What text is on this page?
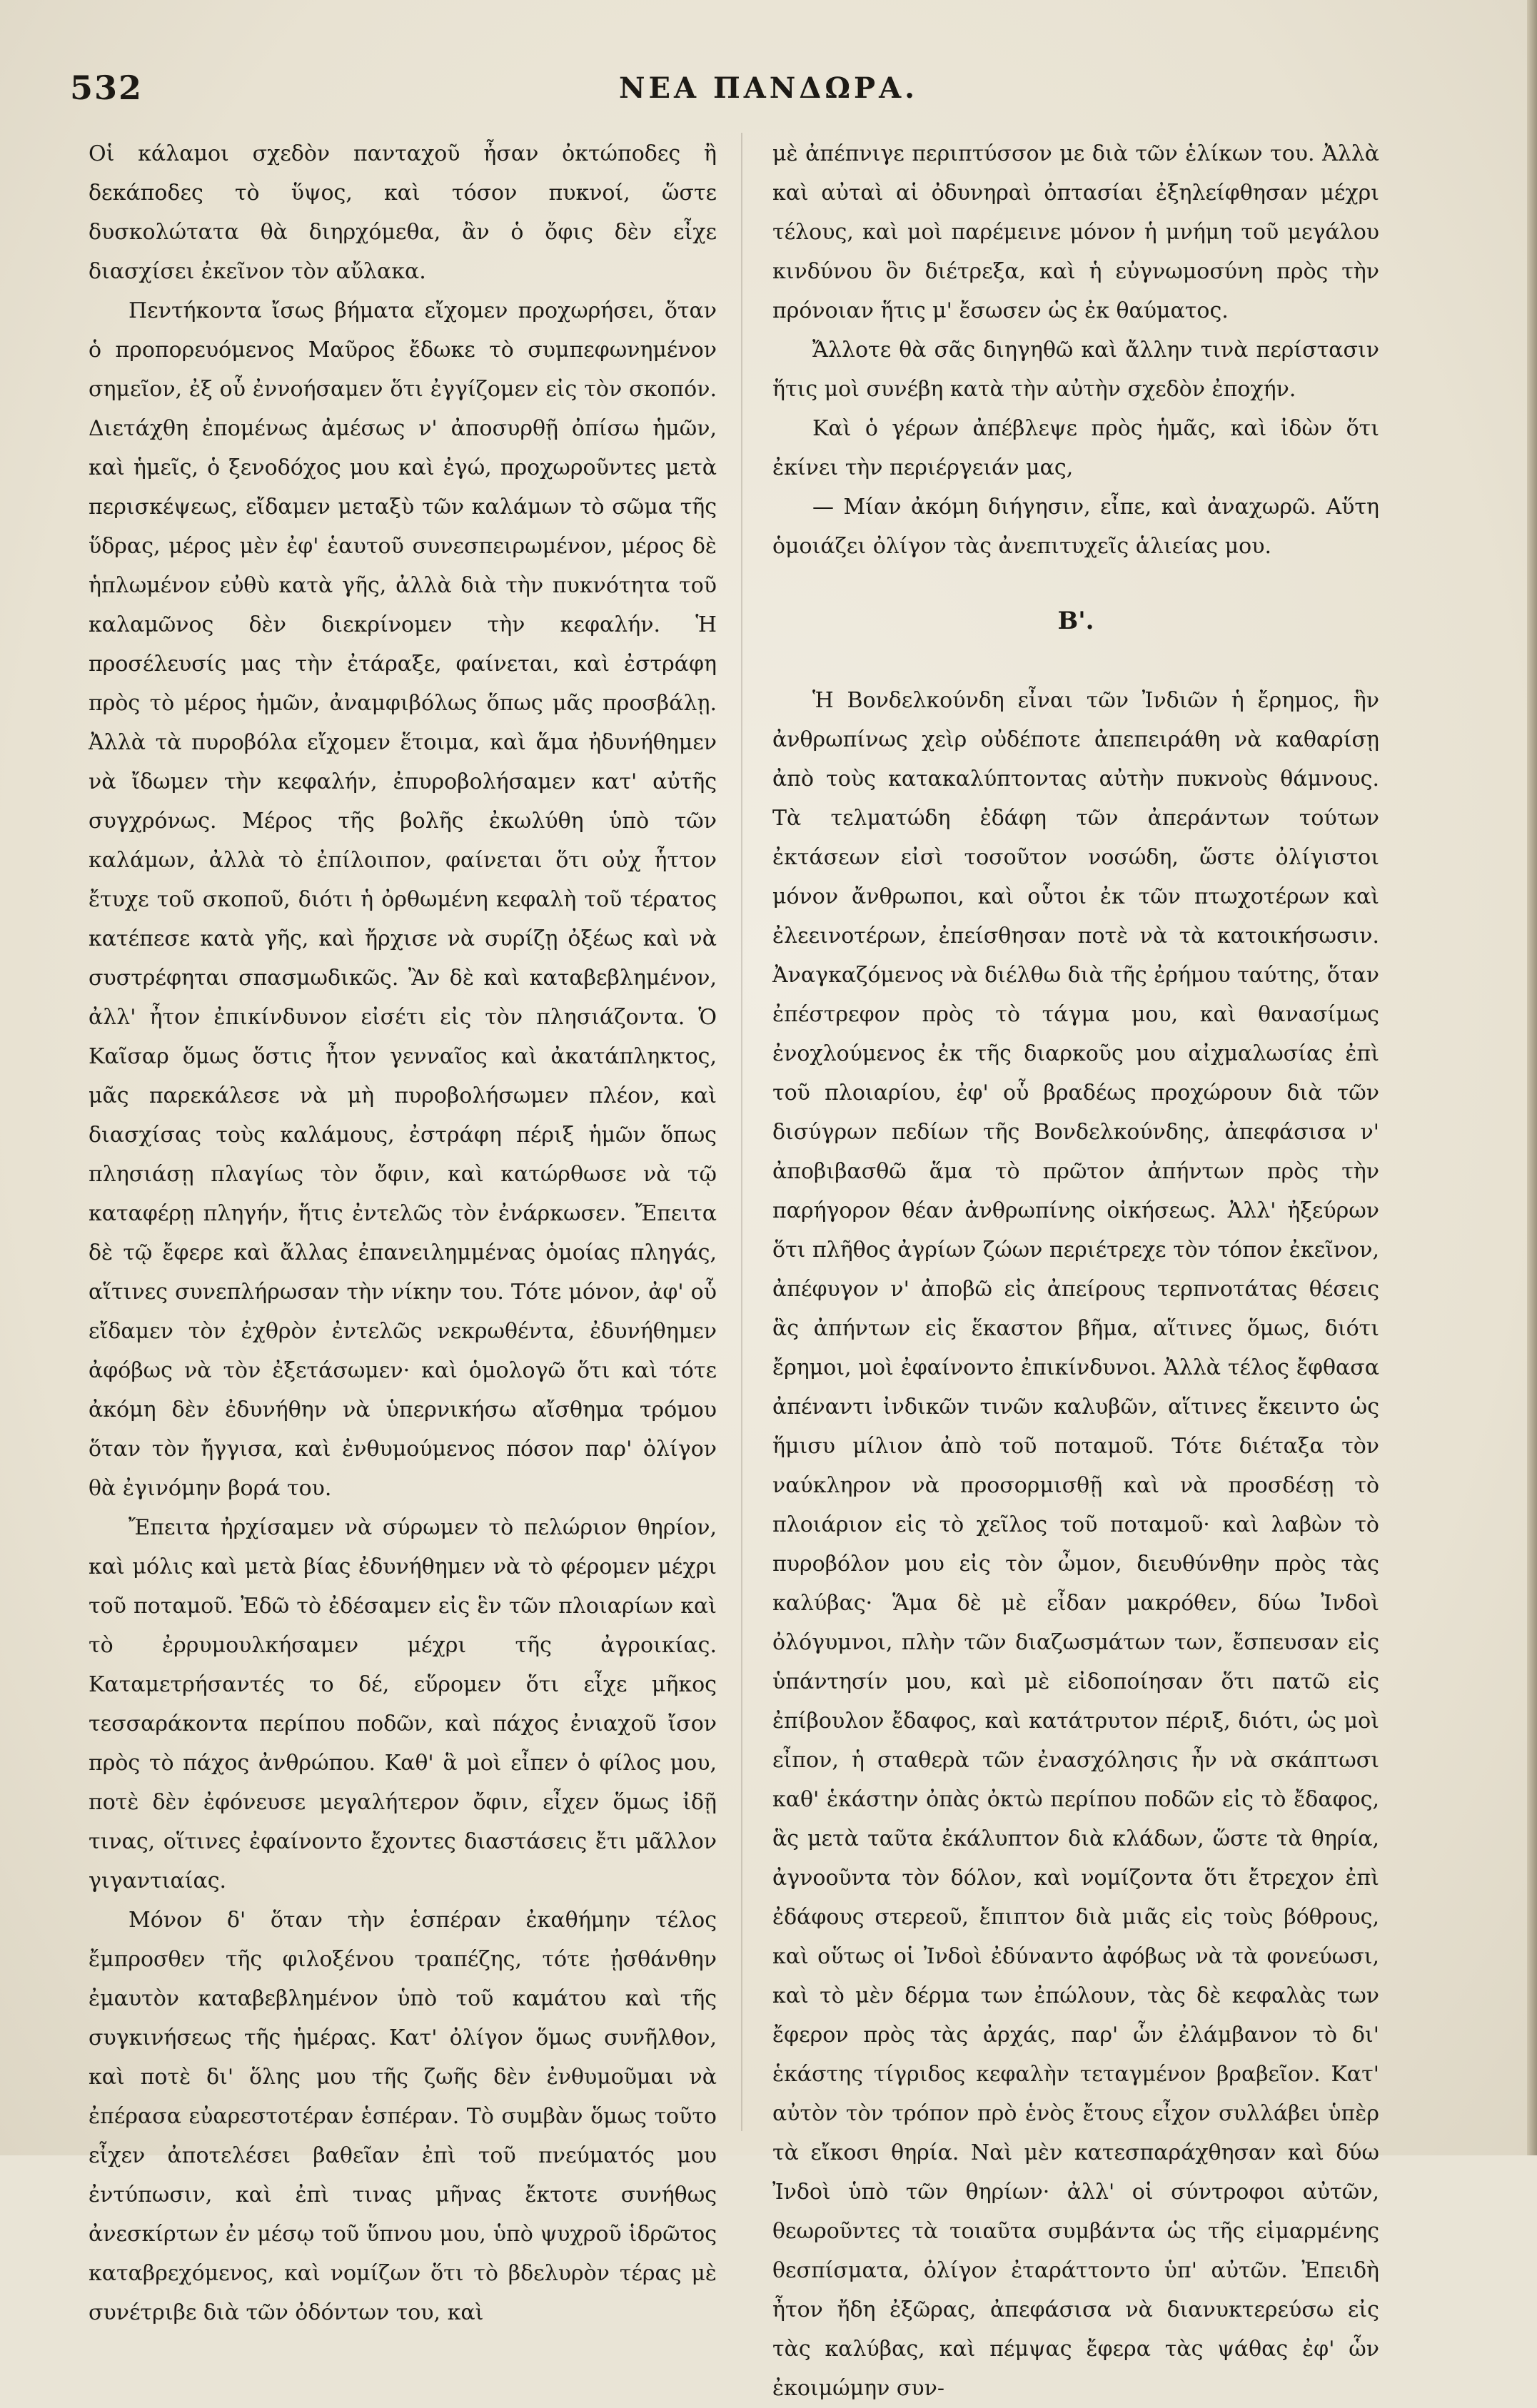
532	ΝΕΑ ΠΑΝΔΩΡΑ.

Οἱ κάλαμοι σχεδὸν πανταχοῦ ἦσαν ὀκτώποδες ἢ δεκάποδες τὸ ὕψος, καὶ τόσον πυκνοί, ὥστε δυσκολώτατα θὰ διηρχόμεθα, ἂν ὁ ὄφις δὲν εἶχε διασχίσει ἐκεῖνον τὸν αὔλακα.

Πεντήκοντα ἴσως βήματα εἴχομεν προχωρήσει, ὅταν ὁ προπορευόμενος Μαῦρος ἔδωκε τὸ συμπεφωνημένον σημεῖον, ἐξ οὗ ἐννοήσαμεν ὅτι ἐγγίζομεν εἰς τὸν σκοπόν. Διετάχθη ἐπομένως ἀμέσως ν' ἀποσυρθῇ ὀπίσω ἡμῶν, καὶ ἡμεῖς, ὁ ξενοδόχος μου καὶ ἐγώ, προχωροῦντες μετὰ περισκέψεως, εἴδαμεν μεταξὺ τῶν καλάμων τὸ σῶμα τῆς ὕδρας, μέρος μὲν ἐφ' ἑαυτοῦ συνεσπειρωμένον, μέρος δὲ ἡπλωμένον εὐθὺ κατὰ γῆς, ἀλλὰ διὰ τὴν πυκνότητα τοῦ καλαμῶνος δὲν διεκρίνομεν τὴν κεφαλήν. Ἡ προσέλευσίς μας τὴν ἐτάραξε, φαίνεται, καὶ ἐστράφη πρὸς τὸ μέρος ἡμῶν, ἀναμφιβόλως ὅπως μᾶς προσβάλῃ. Ἀλλὰ τὰ πυροβόλα εἴχομεν ἕτοιμα, καὶ ἅμα ἠδυνήθημεν νὰ ἴδωμεν τὴν κεφαλήν, ἐπυροβολήσαμεν κατ' αὐτῆς συγχρόνως. Μέρος τῆς βολῆς ἐκωλύθη ὑπὸ τῶν καλάμων, ἀλλὰ τὸ ἐπίλοιπον, φαίνεται ὅτι οὐχ ἧττον ἔτυχε τοῦ σκοποῦ, διότι ἡ ὀρθωμένη κεφαλὴ τοῦ τέρατος κατέπεσε κατὰ γῆς, καὶ ἤρχισε νὰ συρίζῃ ὀξέως καὶ νὰ συστρέφηται σπασμωδικῶς. Ἂν δὲ καὶ καταβεβλημένον, ἀλλ' ἦτον ἐπικίνδυνον εἰσέτι εἰς τὸν πλησιάζοντα. Ὁ Καῖσαρ ὅμως ὅστις ἦτον γενναῖος καὶ ἀκατάπληκτος, μᾶς παρεκάλεσε νὰ μὴ πυροβολήσωμεν πλέον, καὶ διασχίσας τοὺς καλάμους, ἐστράφη πέριξ ἡμῶν ὅπως πλησιάσῃ πλαγίως τὸν ὄφιν, καὶ κατώρθωσε νὰ τῷ καταφέρῃ πληγήν, ἥτις ἐντελῶς τὸν ἐνάρκωσεν. Ἔπειτα δὲ τῷ ἔφερε καὶ ἄλλας ἐπανειλημμένας ὁμοίας πληγάς, αἵτινες συνεπλήρωσαν τὴν νίκην του. Τότε μόνον, ἀφ' οὗ εἴδαμεν τὸν ἐχθρὸν ἐντελῶς νεκρωθέντα, ἐδυνήθημεν ἀφόβως νὰ τὸν ἐξετάσωμεν· καὶ ὁμολογῶ ὅτι καὶ τότε ἀκόμη δὲν ἐδυνήθην νὰ ὑπερνικήσω αἴσθημα τρόμου ὅταν τὸν ἤγγισα, καὶ ἐνθυμούμενος πόσον παρ' ὀλίγον θὰ ἐγινόμην βορά του.

Ἔπειτα ἠρχίσαμεν νὰ σύρωμεν τὸ πελώριον θηρίον, καὶ μόλις καὶ μετὰ βίας ἐδυνήθημεν νὰ τὸ φέρομεν μέχρι τοῦ ποταμοῦ. Ἐδῶ τὸ ἐδέσαμεν εἰς ἓν τῶν πλοιαρίων καὶ τὸ ἐρρυμουλκήσαμεν μέχρι τῆς ἀγροικίας. Καταμετρήσαντές το δέ, εὕρομεν ὅτι εἶχε μῆκος τεσσαράκοντα περίπου ποδῶν, καὶ πάχος ἐνιαχοῦ ἴσον πρὸς τὸ πάχος ἀνθρώπου. Καθ' ἃ μοὶ εἶπεν ὁ φίλος μου, ποτὲ δὲν ἐφόνευσε μεγαλήτερον ὄφιν, εἶχεν ὅμως ἰδῇ τινας, οἵτινες ἐφαίνοντο ἔχοντες διαστάσεις ἔτι μᾶλλον γιγαντιαίας.

Μόνον δ' ὅταν τὴν ἑσπέραν ἐκαθήμην τέλος ἔμπροσθεν τῆς φιλοξένου τραπέζης, τότε ᾐσθάνθην ἐμαυτὸν καταβεβλημένον ὑπὸ τοῦ καμάτου καὶ τῆς συγκινήσεως τῆς ἡμέρας. Κατ' ὀλίγον ὅμως συνῆλθον, καὶ ποτὲ δι' ὅλης μου τῆς ζωῆς δὲν ἐνθυμοῦμαι νὰ ἐπέρασα εὐαρεστοτέραν ἑσπέραν. Τὸ συμβὰν ὅμως τοῦτο εἶχεν ἀποτελέσει βαθεῖαν ἐπὶ τοῦ πνεύματός μου ἐντύπωσιν, καὶ ἐπὶ τινας μῆνας ἔκτοτε συνήθως ἀνεσκίρτων ἐν μέσῳ τοῦ ὕπνου μου, ὑπὸ ψυχροῦ ἱδρῶτος καταβρεχόμενος, καὶ νομίζων ὅτι τὸ βδελυρὸν τέρας μὲ συνέτριβε διὰ τῶν ὀδόντων του, καὶ

μὲ ἀπέπνιγε περιπτύσσον με διὰ τῶν ἑλίκων του. Ἀλλὰ καὶ αὐταὶ αἱ ὀδυνηραὶ ὀπτασίαι ἐξηλείφθησαν μέχρι τέλους, καὶ μοὶ παρέμεινε μόνον ἡ μνήμη τοῦ μεγάλου κινδύνου ὃν διέτρεξα, καὶ ἡ εὐγνωμοσύνη πρὸς τὴν πρόνοιαν ἥτις μ' ἔσωσεν ὡς ἐκ θαύματος.

Ἄλλοτε θὰ σᾶς διηγηθῶ καὶ ἄλλην τινὰ περίστασιν ἥτις μοὶ συνέβη κατὰ τὴν αὐτὴν σχεδὸν ἐποχήν.

Καὶ ὁ γέρων ἀπέβλεψε πρὸς ἡμᾶς, καὶ ἰδὼν ὅτι ἐκίνει τὴν περιέργειάν μας,

— Μίαν ἀκόμη διήγησιν, εἶπε, καὶ ἀναχωρῶ. Αὕτη ὁμοιάζει ὀλίγον τὰς ἀνεπιτυχεῖς ἁλιείας μου.

Β'.

Ἡ Βονδελκούνδη εἶναι τῶν Ἰνδιῶν ἡ ἔρημος, ἣν ἀνθρωπίνως χεὶρ οὐδέποτε ἀπεπειράθη νὰ καθαρίσῃ ἀπὸ τοὺς κατακαλύπτοντας αὐτὴν πυκνοὺς θάμνους. Τὰ τελματώδη ἐδάφη τῶν ἀπεράντων τούτων ἐκτάσεων εἰσὶ τοσοῦτον νοσώδη, ὥστε ὀλίγιστοι μόνον ἄνθρωποι, καὶ οὗτοι ἐκ τῶν πτωχοτέρων καὶ ἐλεεινοτέρων, ἐπείσθησαν ποτὲ νὰ τὰ κατοικήσωσιν. Ἀναγκαζόμενος νὰ διέλθω διὰ τῆς ἐρήμου ταύτης, ὅταν ἐπέστρεφον πρὸς τὸ τάγμα μου, καὶ θανασίμως ἐνοχλούμενος ἐκ τῆς διαρκοῦς μου αἰχμαλωσίας ἐπὶ τοῦ πλοιαρίου, ἐφ' οὗ βραδέως προχώρουν διὰ τῶν δισύγρων πεδίων τῆς Βονδελκούνδης, ἀπεφάσισα ν' ἀποβιβασθῶ ἅμα τὸ πρῶτον ἀπήντων πρὸς τὴν παρήγορον θέαν ἀνθρωπίνης οἰκήσεως. Ἀλλ' ἠξεύρων ὅτι πλῆθος ἀγρίων ζώων περιέτρεχε τὸν τόπον ἐκεῖνον, ἀπέφυγον ν' ἀποβῶ εἰς ἀπείρους τερπνοτάτας θέσεις ἃς ἀπήντων εἰς ἕκαστον βῆμα, αἵτινες ὅμως, διότι ἔρημοι, μοὶ ἐφαίνοντο ἐπικίνδυνοι. Ἀλλὰ τέλος ἔφθασα ἀπέναντι ἰνδικῶν τινῶν καλυβῶν, αἵτινες ἔκειντο ὡς ἥμισυ μίλιον ἀπὸ τοῦ ποταμοῦ. Τότε διέταξα τὸν ναύκληρον νὰ προσορμισθῇ καὶ νὰ προσδέσῃ τὸ πλοιάριον εἰς τὸ χεῖλος τοῦ ποταμοῦ· καὶ λαβὼν τὸ πυροβόλον μου εἰς τὸν ὦμον, διευθύνθην πρὸς τὰς καλύβας· Ἅμα δὲ μὲ εἶδαν μακρόθεν, δύω Ἰνδοὶ ὀλόγυμνοι, πλὴν τῶν διαζωσμάτων των, ἔσπευσαν εἰς ὑπάντησίν μου, καὶ μὲ εἰδοποίησαν ὅτι πατῶ εἰς ἐπίβουλον ἔδαφος, καὶ κατάτρυτον πέριξ, διότι, ὡς μοὶ εἶπον, ἡ σταθερὰ τῶν ἐνασχόλησις ἦν νὰ σκάπτωσι καθ' ἑκάστην ὀπὰς ὀκτὼ περίπου ποδῶν εἰς τὸ ἔδαφος, ἃς μετὰ ταῦτα ἐκάλυπτον διὰ κλάδων, ὥστε τὰ θηρία, ἀγνοοῦντα τὸν δόλον, καὶ νομίζοντα ὅτι ἔτρεχον ἐπὶ ἐδάφους στερεοῦ, ἔπιπτον διὰ μιᾶς εἰς τοὺς βόθρους, καὶ οὕτως οἱ Ἰνδοὶ ἐδύναντο ἀφόβως νὰ τὰ φονεύωσι, καὶ τὸ μὲν δέρμα των ἐπώλουν, τὰς δὲ κεφαλὰς των ἔφερον πρὸς τὰς ἀρχάς, παρ' ὧν ἐλάμβανον τὸ δι' ἑκάστης τίγριδος κεφαλὴν τεταγμένον βραβεῖον. Κατ' αὐτὸν τὸν τρόπον πρὸ ἑνὸς ἔτους εἶχον συλλάβει ὑπὲρ τὰ εἴκοσι θηρία. Ναὶ μὲν κατεσπαράχθησαν καὶ δύω Ἰνδοὶ ὑπὸ τῶν θηρίων· ἀλλ' οἱ σύντροφοι αὐτῶν, θεωροῦντες τὰ τοιαῦτα συμβάντα ὡς τῆς εἱμαρμένης θεσπίσματα, ὀλίγον ἐταράττοντο ὑπ' αὐτῶν. Ἐπειδὴ ἦτον ἤδη ἐξῶρας, ἀπεφάσισα νὰ διανυκτερεύσω εἰς τὰς καλύβας, καὶ πέμψας ἔφερα τὰς ψάθας ἐφ' ὧν ἐκοιμώμην συν-
